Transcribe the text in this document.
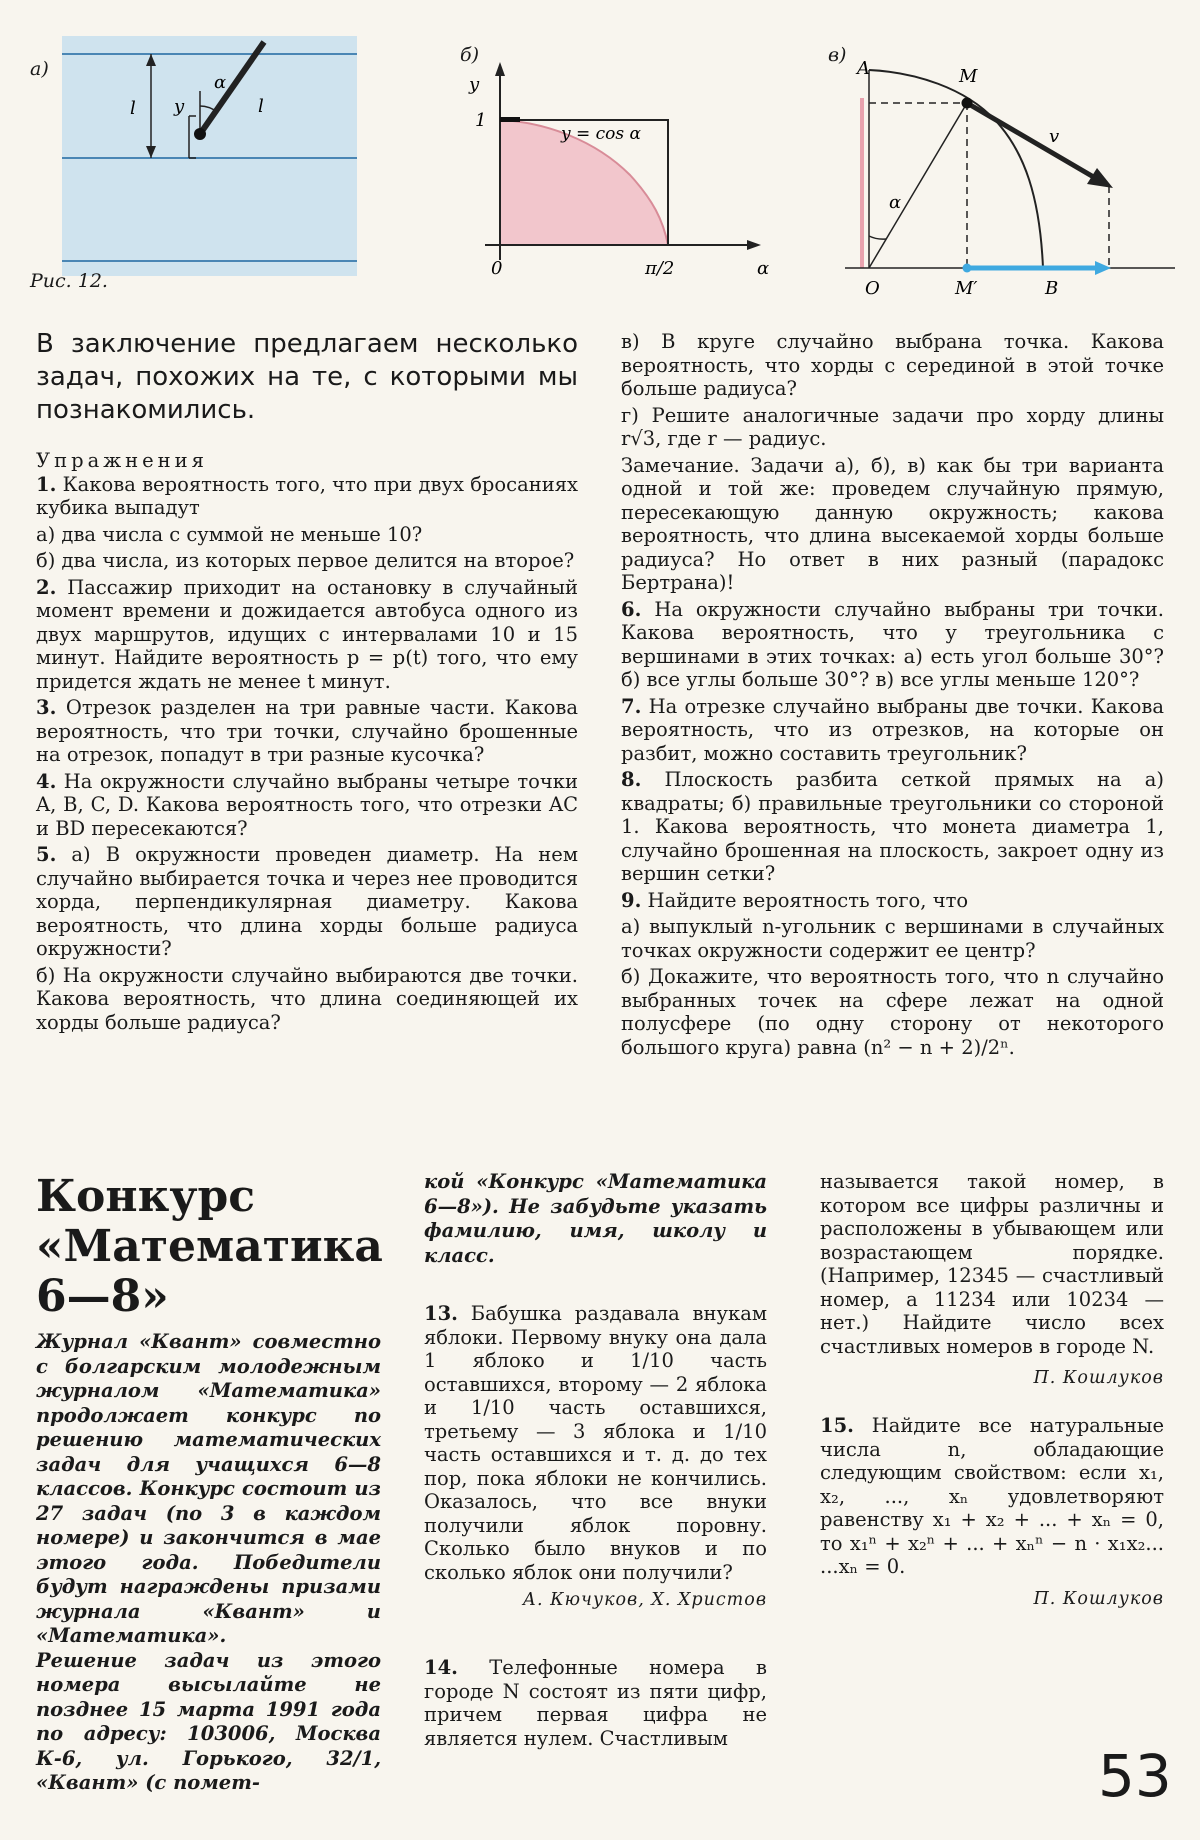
а)
l y
α
l
Рис. 12.
б)
y
1
0	π/2	α
y = cos α
в)
A	M
O	M′	B
v
α
В заключение предлагаем несколько задач, похожих на те, с которыми мы познакомились.
Упражнения

1. Какова вероятность того, что при двух бросаниях кубика выпадут

а) два числа с суммой не меньше 10?

б) два числа, из которых первое делится на второе?

2. Пассажир приходит на остановку в случайный момент времени и дожидается автобуса одного из двух маршрутов, идущих с интервалами 10 и 15 минут. Найдите вероятность p = p(t) того, что ему придется ждать не менее t минут.

3. Отрезок разделен на три равные части. Какова вероятность, что три точки, случайно брошенные на отрезок, попадут в три разные кусочка?

4. На окружности случайно выбраны четыре точки A, B, C, D. Какова вероятность того, что отрезки AC и BD пересекаются?

5. а) В окружности проведен диаметр. На нем случайно выбирается точка и через нее проводится хорда, перпендикулярная диаметру. Какова вероятность, что длина хорды больше радиуса окружности?

б) На окружности случайно выбираются две точки. Какова вероятность, что длина соединяющей их хорды больше радиуса?

в) В круге случайно выбрана точка. Какова вероятность, что хорды с серединой в этой точке больше радиуса?

г) Решите аналогичные задачи про хорду длины r√3, где r — радиус.

Замечание. Задачи а), б), в) как бы три варианта одной и той же: проведем случайную прямую, пересекающую данную окружность; какова вероятность, что длина высекаемой хорды больше радиуса? Но ответ в них разный (парадокс Бертрана)!

6. На окружности случайно выбраны три точки. Какова вероятность, что у треугольника с вершинами в этих точках: а) есть угол больше 30°? б) все углы больше 30°? в) все углы меньше 120°?

7. На отрезке случайно выбраны две точки. Какова вероятность, что из отрезков, на которые он разбит, можно составить треугольник?

8. Плоскость разбита сеткой прямых на а) квадраты; б) правильные треугольники со стороной 1. Какова вероятность, что монета диаметра 1, случайно брошенная на плоскость, закроет одну из вершин сетки?

9. Найдите вероятность того, что

а) выпуклый n-угольник с вершинами в случайных точках окружности содержит ее центр?

б) Докажите, что вероятность того, что n случайно выбранных точек на сфере лежат на одной полусфере (по одну сторону от некоторого большого круга) равна (n² − n + 2)/2ⁿ.

Конкурс
«Математика
6—8»
Журнал «Квант» совместно с болгарским молодежным журналом «Математика» продолжает конкурс по решению математических задач для учащихся 6—8 классов. Конкурс состоит из 27 задач (по 3 в каждом номере) и закончится в мае этого года. Победители будут награждены призами журнала «Квант» и «Математика».
Решение задач из этого номера высылайте не позднее 15 марта 1991 года по адресу: 103006, Москва К-6, ул. Горького, 32/1, «Квант» (с помет-
кой «Конкурс «Математика 6—8»). Не забудьте указать фамилию, имя, школу и класс.
13. Бабушка раздавала внукам яблоки. Первому внуку она дала 1 яблоко и 1/10 часть оставшихся, второму — 2 яблока и 1/10 часть оставшихся, третьему — 3 яблока и 1/10 часть оставшихся и т. д. до тех пор, пока яблоки не кончились. Оказалось, что все внуки получили яблок поровну. Сколько было внуков и по сколько яблок они получили?
А. Кючуков, Х. Христов
14. Телефонные номера в городе N состоят из пяти цифр, причем первая цифра не является нулем. Счастливым
называется такой номер, в котором все цифры различны и расположены в убывающем или возрастающем порядке. (Например, 12345 — счастливый номер, а 11234 или 10234 — нет.) Найдите число всех счастливых номеров в городе N.
П. Кошлуков
15. Найдите все натуральные числа n, обладающие следующим свойством: если x₁, x₂, ..., xₙ удовлетворяют равенству x₁ + x₂ + ... + xₙ = 0, то x₁ⁿ + x₂ⁿ + ... + xₙⁿ − n · x₁x₂... ...xₙ = 0.
П. Кошлуков
53
